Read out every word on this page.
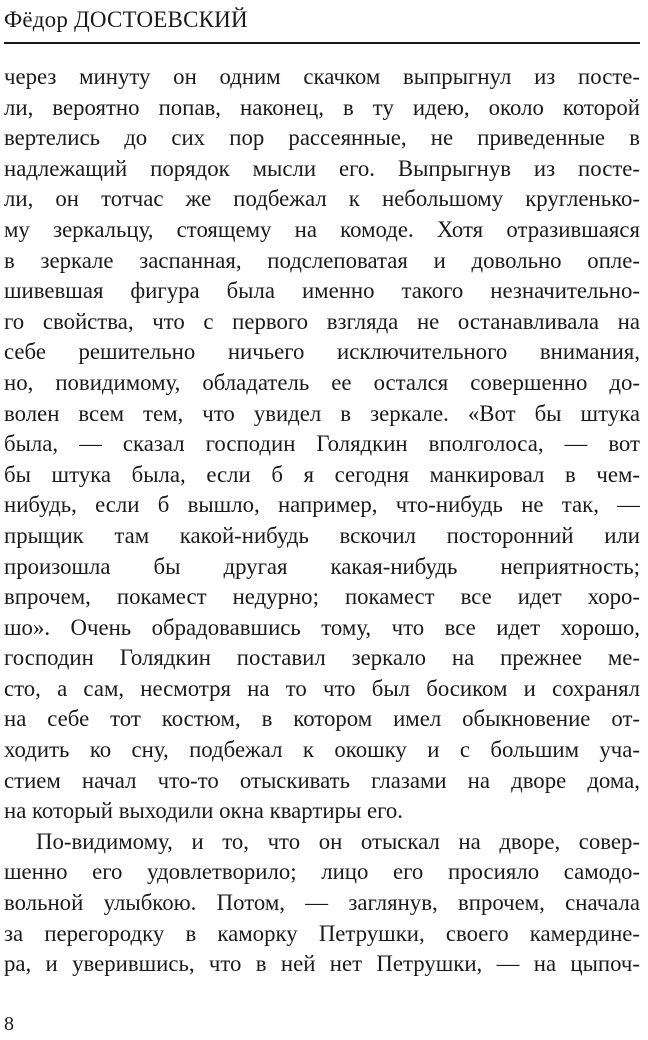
Фёдор ДОСТОЕВСКИЙ
через минуту он одним скачком выпрыгнул из посте-
ли, вероятно попав, наконец, в ту идею, около которой
вертелись до сих пор рассеянные, не приведенные в
надлежащий порядок мысли его. Выпрыгнув из посте-
ли, он тотчас же подбежал к небольшому кругленько-
му зеркальцу, стоящему на комоде. Хотя отразившаяся
в зеркале заспанная, подслеповатая и довольно опле-
шивевшая фигура была именно такого незначительно-
го свойства, что с первого взгляда не останавливала на
себе решительно ничьего исключительного внимания,
но, повидимому, обладатель ее остался совершенно до-
волен всем тем, что увидел в зеркале. «Вот бы штука
была, — сказал господин Голядкин вполголоса, — вот
бы штука была, если б я сегодня манкировал в чем-
нибудь, если б вышло, например, что-нибудь не так, —
прыщик там какой-нибудь вскочил посторонний или
произошла бы другая какая-нибудь неприятность;
впрочем, покамест недурно; покамест все идет хоро-
шо». Очень обрадовавшись тому, что все идет хорошо,
господин Голядкин поставил зеркало на прежнее ме-
сто, а сам, несмотря на то что был босиком и сохранял
на себе тот костюм, в котором имел обыкновение от-
ходить ко сну, подбежал к окошку и с большим уча-
стием начал что-то отыскивать глазами на дворе дома,
на который выходили окна квартиры его.
По-видимому, и то, что он отыскал на дворе, совер-
шенно его удовлетворило; лицо его просияло самодо-
вольной улыбкою. Потом, — заглянув, впрочем, сначала
за перегородку в каморку Петрушки, своего камердине-
ра, и уверившись, что в ней нет Петрушки, — на цыпоч-
8
